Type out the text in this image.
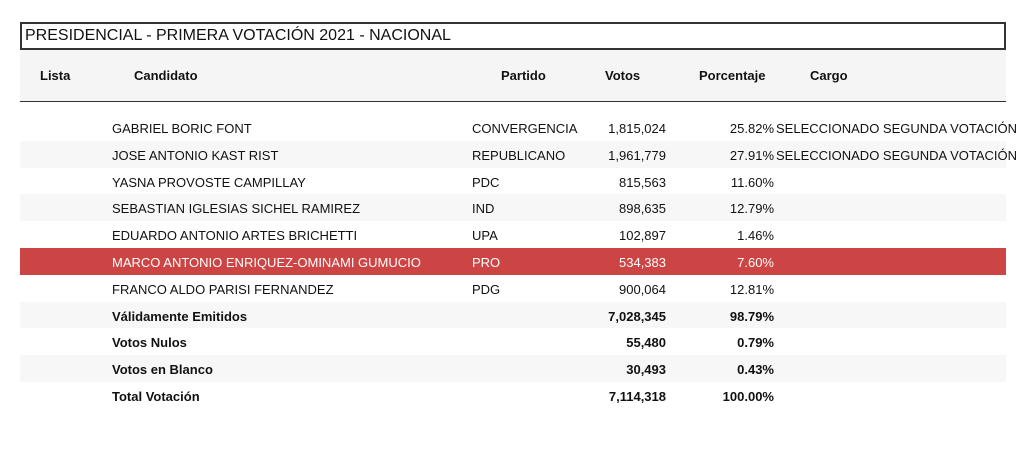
PRESIDENCIAL - PRIMERA VOTACIÓN 2021 - NACIONAL
Lista	Candidato	Partido	Votos	Porcentaje	Cargo
GABRIEL BORIC FONT	CONVERGENCIA	1,815,024	25.82% SELECCIONADO SEGUNDA VOTACIÓN
JOSE ANTONIO KAST RIST	REPUBLICANO	1,961,779	27.91% SELECCIONADO SEGUNDA VOTACIÓN
YASNA PROVOSTE CAMPILLAY	PDC	815,563	11.60%
SEBASTIAN IGLESIAS SICHEL RAMIREZ	IND	898,635	12.79%
EDUARDO ANTONIO ARTES BRICHETTI	UPA	102,897	1.46%
MARCO ANTONIO ENRIQUEZ-OMINAMI GUMUCIO	PRO	534,383	7.60%
FRANCO ALDO PARISI FERNANDEZ	PDG	900,064	12.81%
Válidamente Emitidos	7,028,345	98.79%
Votos Nulos	55,480	0.79%
Votos en Blanco	30,493	0.43%
Total Votación	7,114,318	100.00%
